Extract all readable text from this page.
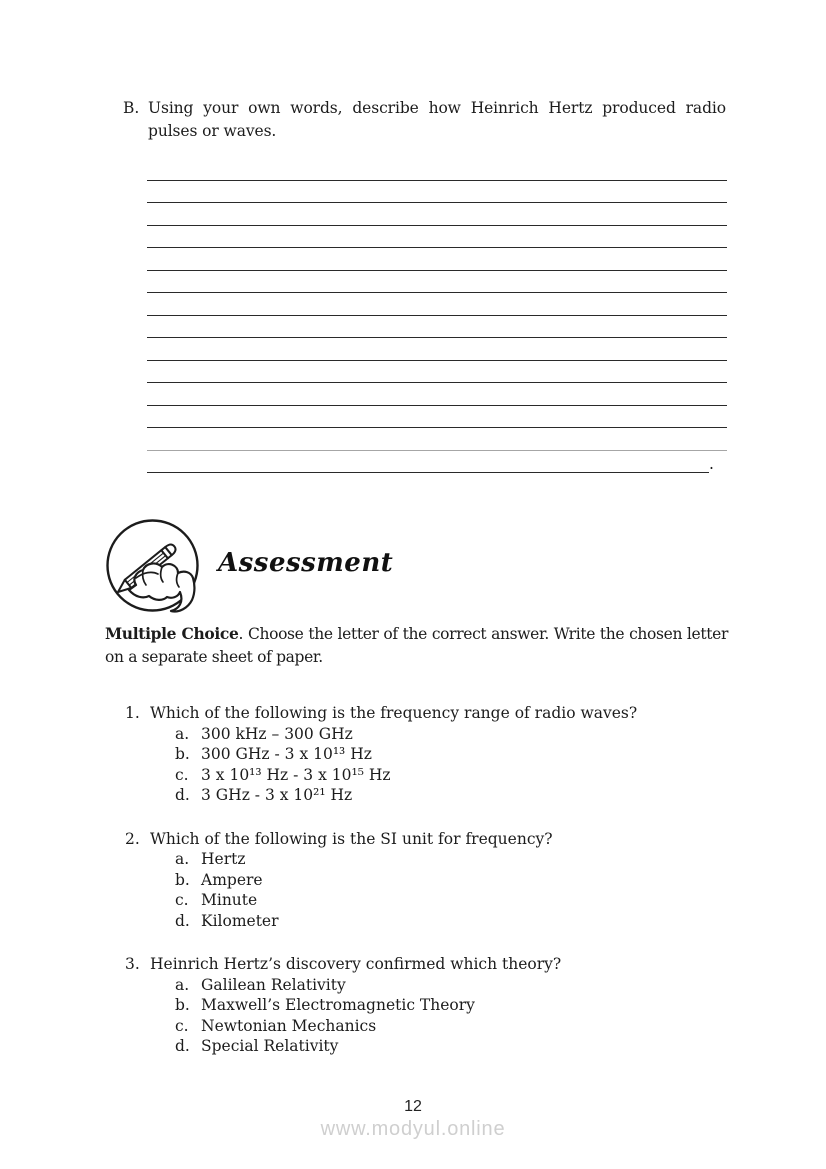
B. Using your own words, describe how Heinrich Hertz produced radio pulses or waves.
.
Assessment
Multiple Choice. Choose the letter of the correct answer. Write the chosen letter on a separate sheet of paper.
1. Which of the following is the frequency range of radio waves?
a. 300 kHz – 300 GHz
b. 300 GHz - 3 x 10¹³ Hz
c. 3 x 10¹³ Hz - 3 x 10¹⁵ Hz
d. 3 GHz - 3 x 10²¹ Hz
2. Which of the following is the SI unit for frequency?
a. Hertz
b. Ampere
c. Minute
d. Kilometer
3. Heinrich Hertz’s discovery confirmed which theory?
a. Galilean Relativity
b. Maxwell’s Electromagnetic Theory
c. Newtonian Mechanics
d. Special Relativity
12
www.modyul.online
